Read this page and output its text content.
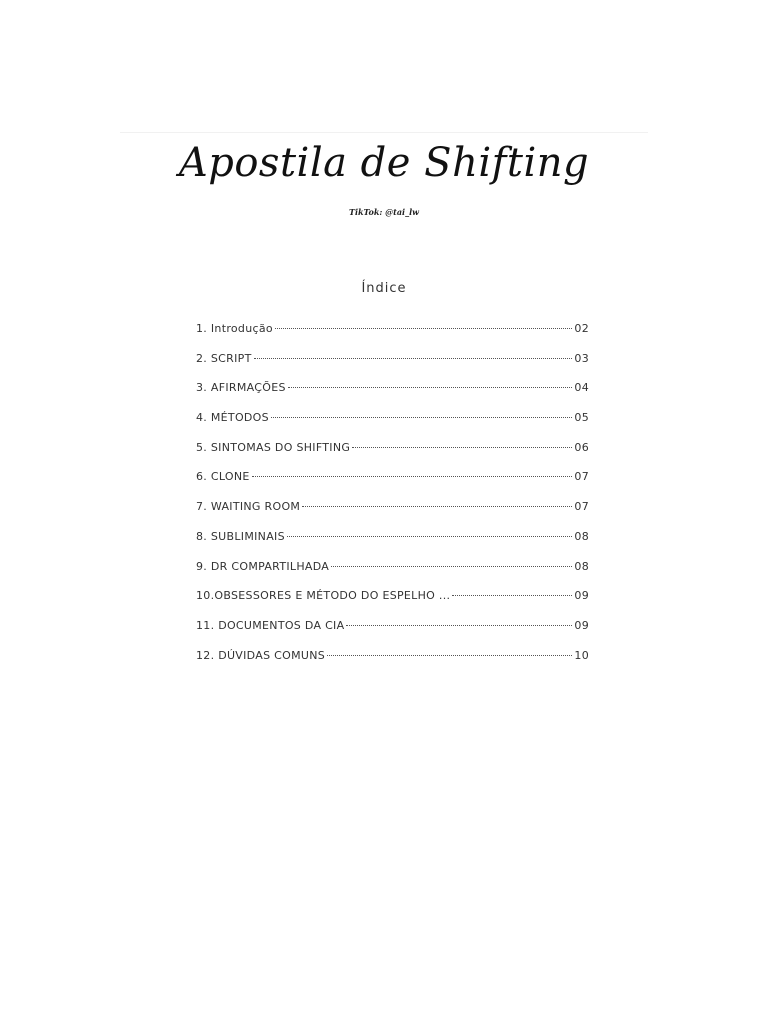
Apostila de Shifting
TikTok: @tai_lw
Índice
1. Introdução	02
2. SCRIPT	03
3. AFIRMAÇÕES	04
4. MÉTODOS	05
5. SINTOMAS DO SHIFTING	06
6. CLONE	07
7. WAITING ROOM	07
8. SUBLIMINAIS	08
9. DR COMPARTILHADA	08
10.OBSESSORES E MÉTODO DO ESPELHO ...	09
11. DOCUMENTOS DA CIA	09
12. DÚVIDAS COMUNS	10
